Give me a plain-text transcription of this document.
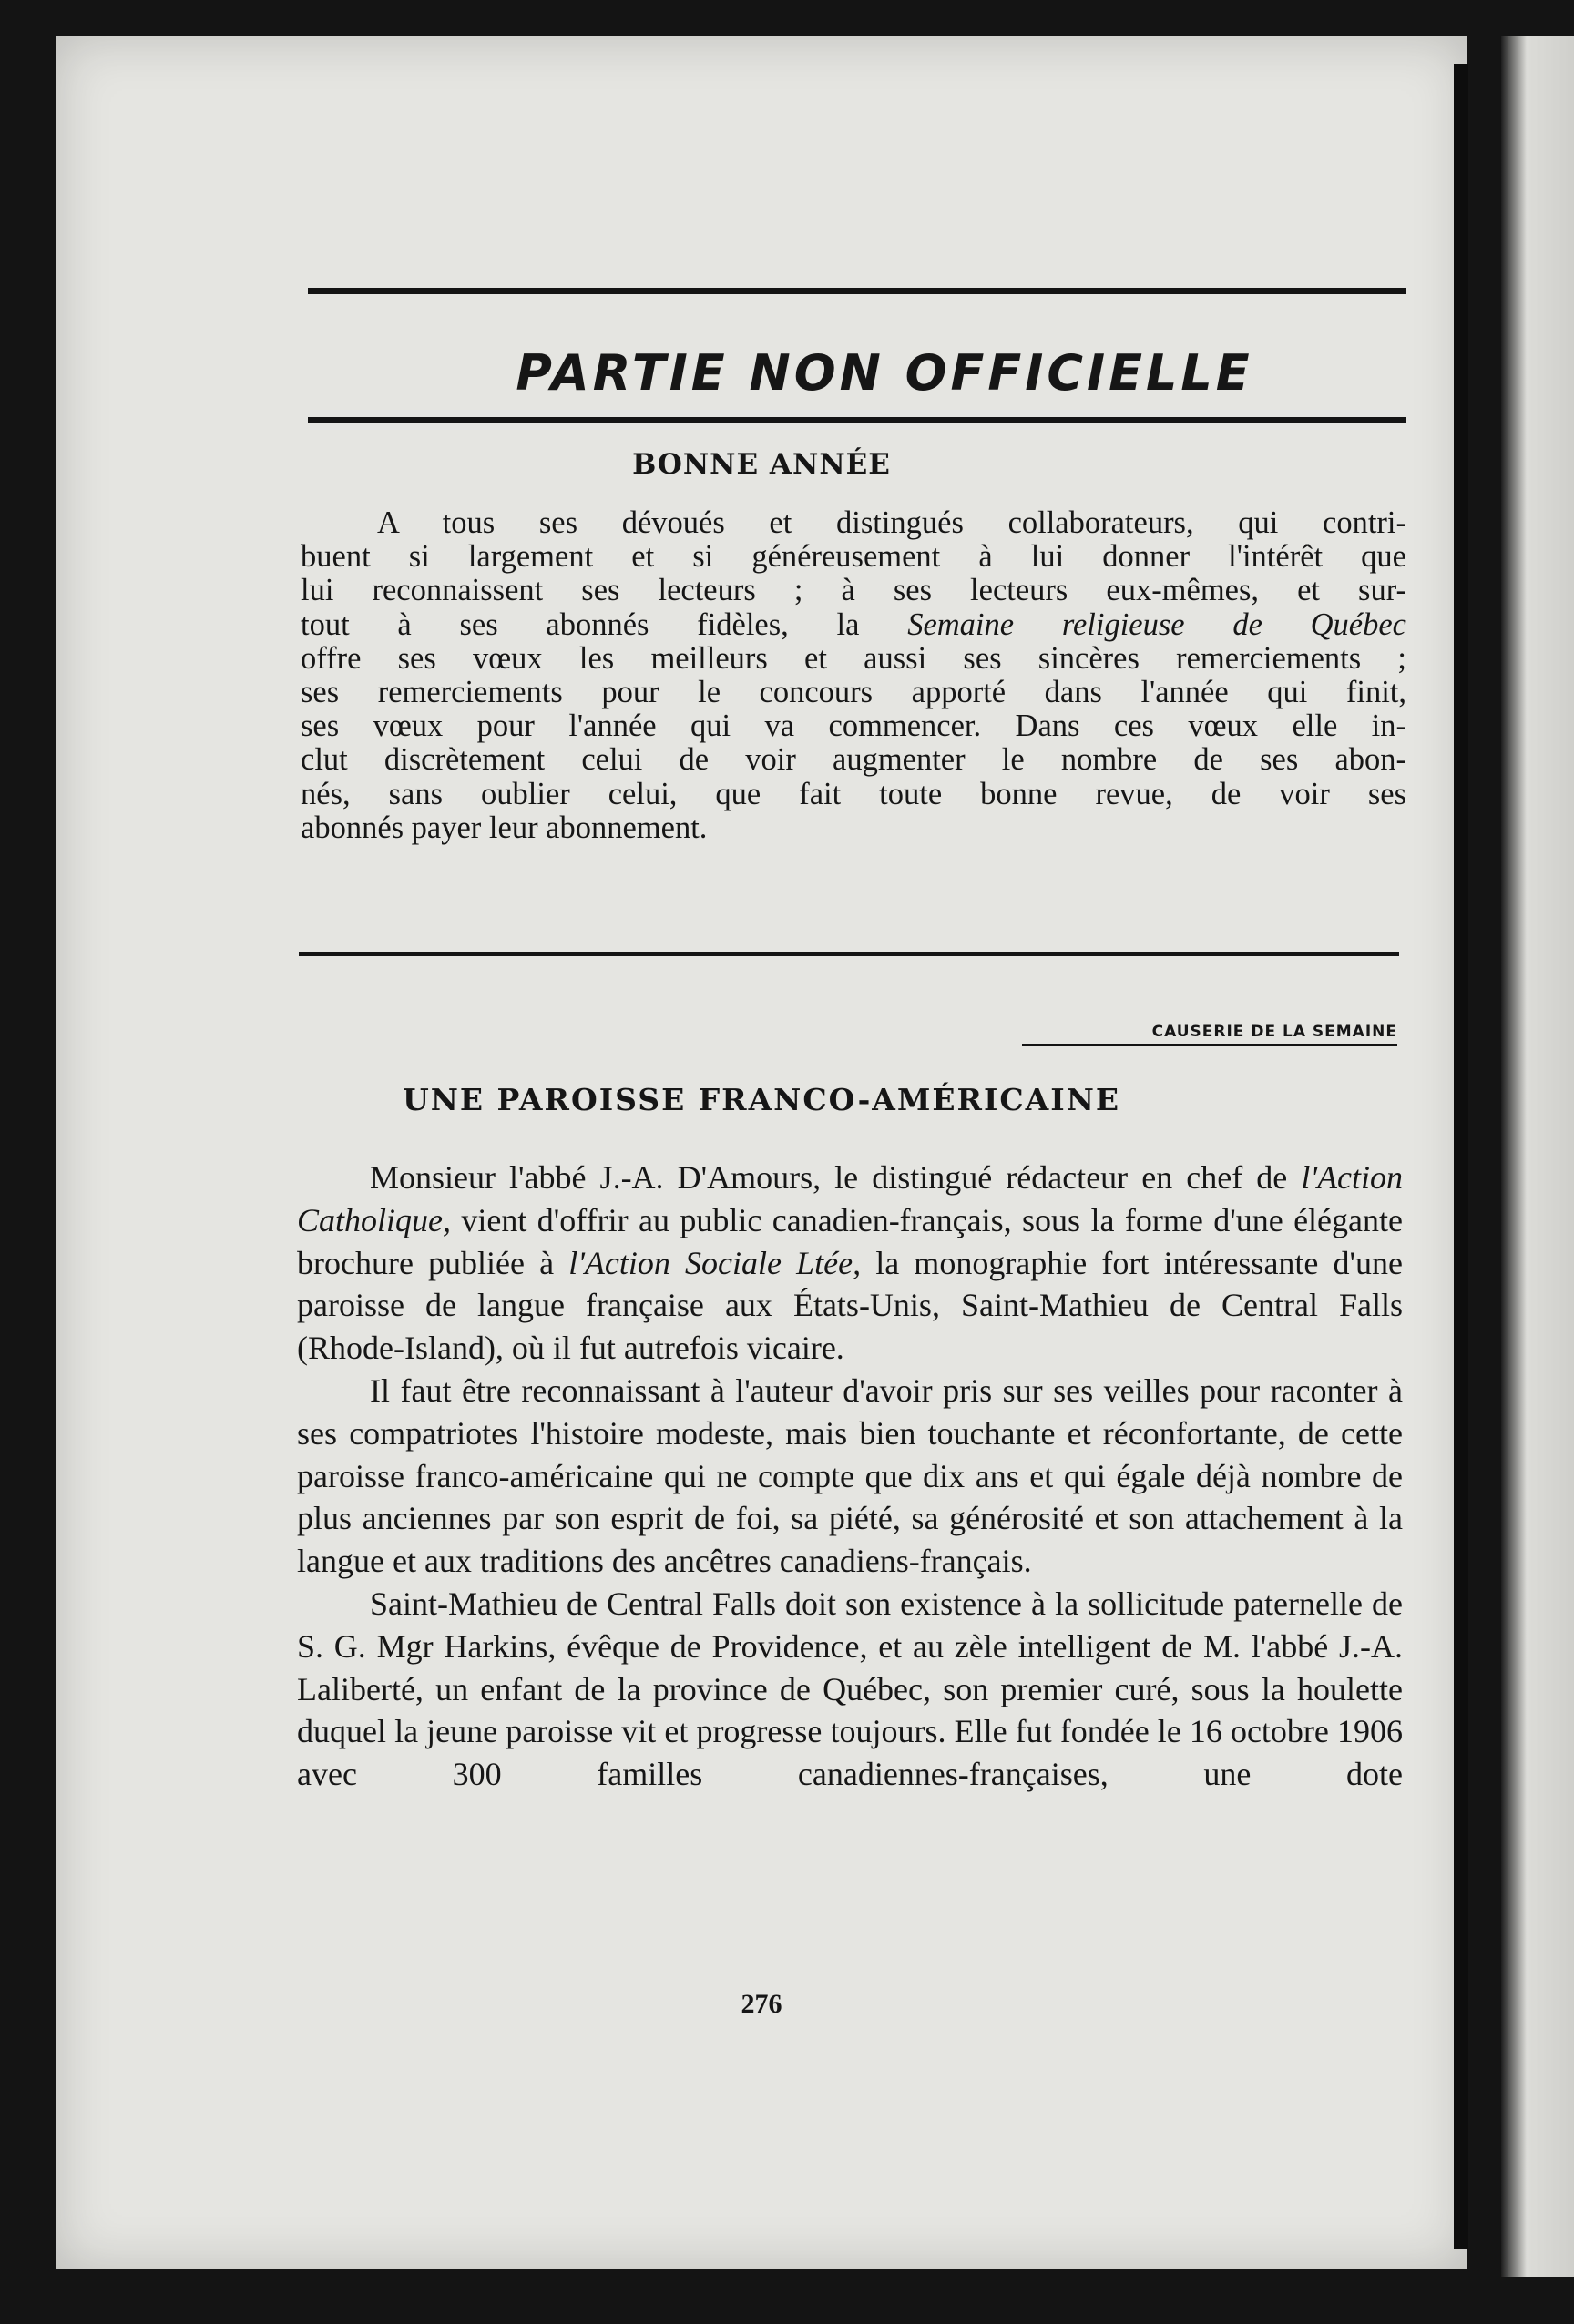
PARTIE NON OFFICIELLE
BONNE ANNÉE
A tous ses dévoués et distingués collaborateurs, qui contri-
buent si largement et si généreusement à lui donner l'intérêt que
lui reconnaissent ses lecteurs ; à ses lecteurs eux-mêmes, et sur-
tout à ses abonnés fidèles, la Semaine religieuse de Québec
offre ses vœux les meilleurs et aussi ses sincères remerciements ;
ses remerciements pour le concours apporté dans l'année qui finit,
ses vœux pour l'année qui va commencer. Dans ces vœux elle in-
clut discrètement celui de voir augmenter le nombre de ses abon-
nés, sans oublier celui, que fait toute bonne revue, de voir ses
abonnés payer leur abonnement.
CAUSERIE DE LA SEMAINE
UNE PAROISSE FRANCO-AMÉRICAINE

Monsieur l'abbé J.-A. D'Amours, le distingué rédacteur en chef de l'Action Catholique, vient d'offrir au public canadien-français, sous la forme d'une élégante brochure publiée à l'Action Sociale Ltée, la monographie fort intéressante d'une paroisse de langue française aux États-Unis, Saint-Mathieu de Central Falls (Rhode-Island), où il fut autrefois vicaire.

Il faut être reconnaissant à l'auteur d'avoir pris sur ses veilles pour raconter à ses compatriotes l'histoire modeste, mais bien touchante et réconfortante, de cette paroisse franco-américaine qui ne compte que dix ans et qui égale déjà nombre de plus anciennes par son esprit de foi, sa piété, sa générosité et son attachement à la langue et aux traditions des ancêtres canadiens-français.

Saint-Mathieu de Central Falls doit son existence à la sollicitude paternelle de S. G. Mgr Harkins, évêque de Providence, et au zèle intelligent de M. l'abbé J.-A. Laliberté, un enfant de la province de Québec, son premier curé, sous la houlette duquel la jeune paroisse vit et progresse toujours. Elle fut fondée le 16 octobre 1906 avec 300 familles canadiennes-françaises, une dote

276
